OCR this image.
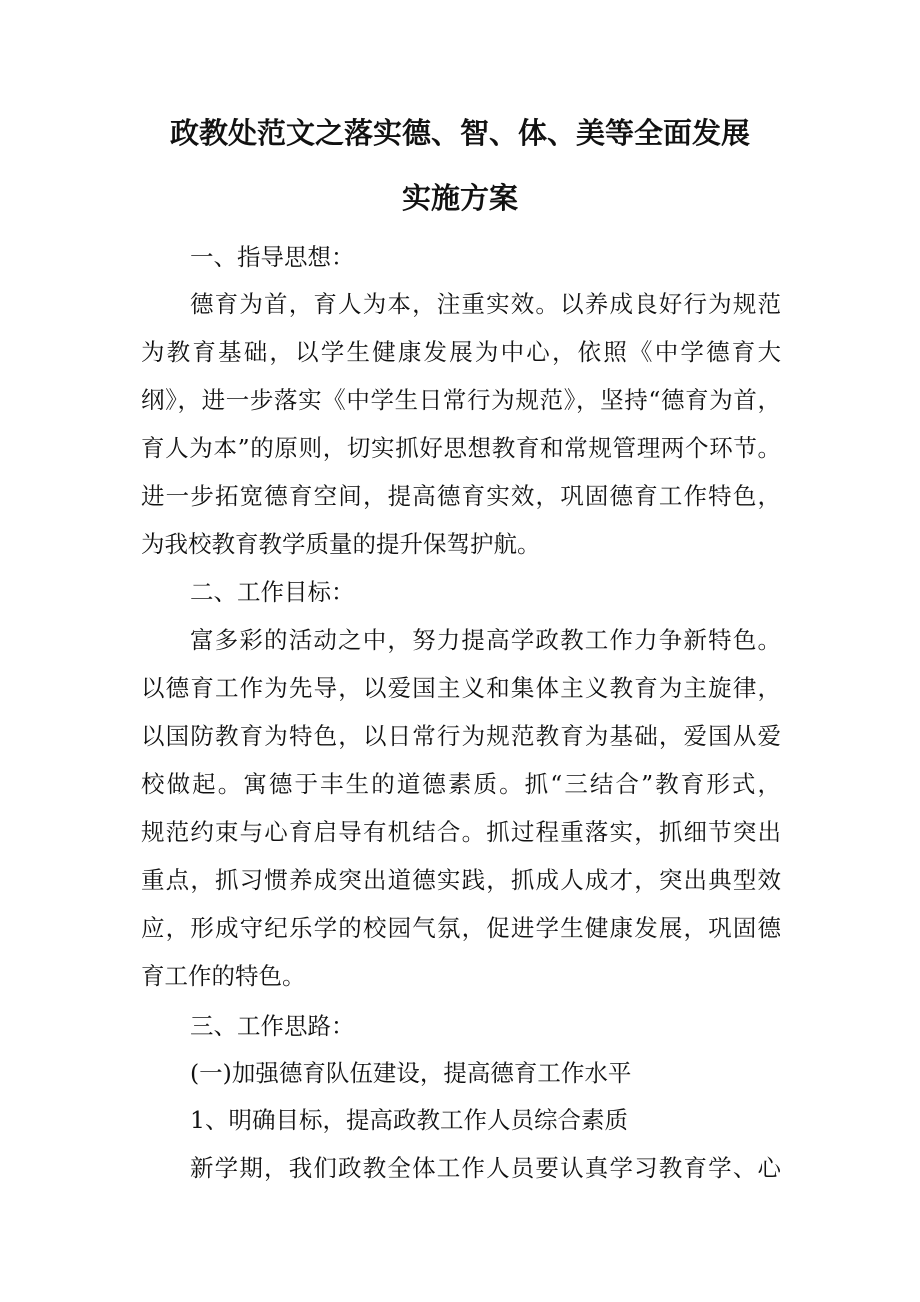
政教处范文之落实德、智、体、美等全面发展
实施方案
一、指导思想：
德育为首，育人为本，注重实效。以养成良好行为规范
为教育基础，以学生健康发展为中心，依照《中学德育大
纲》，进一步落实《中学生日常行为规范》，坚持“德育为首，
育人为本”的原则，切实抓好思想教育和常规管理两个环节。
进一步拓宽德育空间，提高德育实效，巩固德育工作特色，
为我校教育教学质量的提升保驾护航。
二、工作目标：
富多彩的活动之中，努力提高学政教工作力争新特色。
以德育工作为先导，以爱国主义和集体主义教育为主旋律，
以国防教育为特色，以日常行为规范教育为基础，爱国从爱
校做起。寓德于丰生的道德素质。抓“三结合”教育形式，
规范约束与心育启导有机结合。抓过程重落实，抓细节突出
重点，抓习惯养成突出道德实践，抓成人成才，突出典型效
应，形成守纪乐学的校园气氛，促进学生健康发展，巩固德
育工作的特色。
三、工作思路：
(一)加强德育队伍建设，提高德育工作水平
1、明确目标，提高政教工作人员综合素质
新学期，我们政教全体工作人员要认真学习教育学、心
